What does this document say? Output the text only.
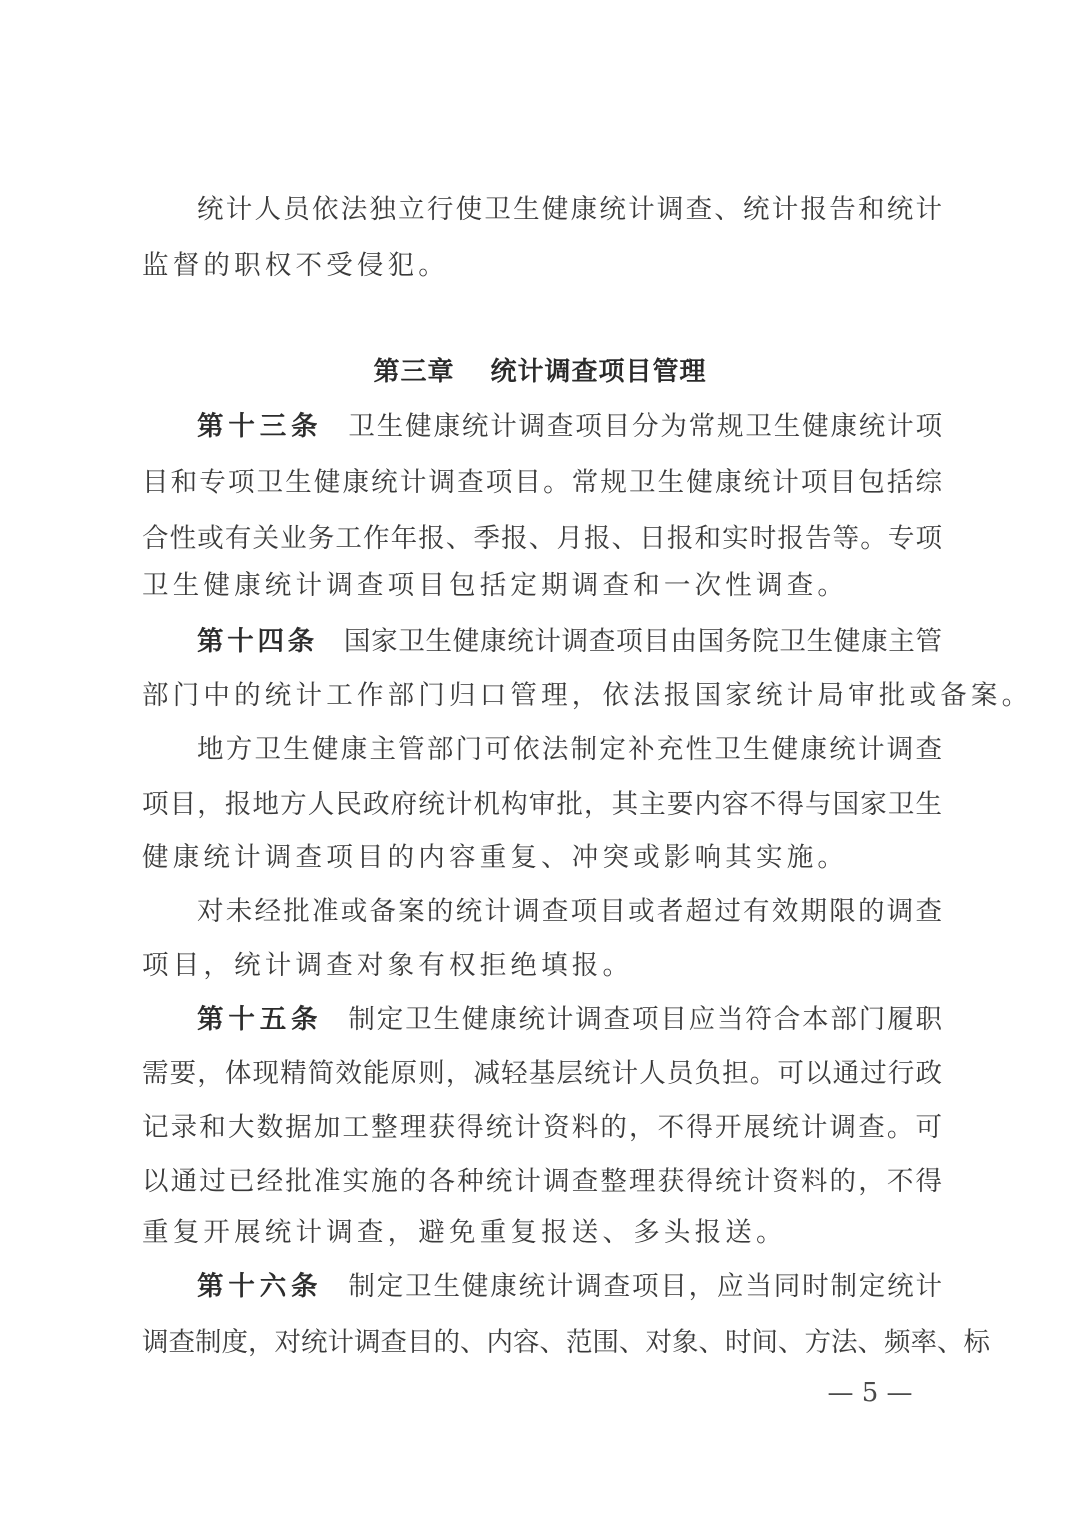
统计人员依法独立行使卫生健康统计调查、统计报告和统计
监督的职权不受侵犯。
第三章 统计调查项目管理
第十三条 卫生健康统计调查项目分为常规卫生健康统计项
目和专项卫生健康统计调查项目。常规卫生健康统计项目包括综
合性或有关业务工作年报、季报、月报、日报和实时报告等。专项
卫生健康统计调查项目包括定期调查和一次性调查。
第十四条 国家卫生健康统计调查项目由国务院卫生健康主管
部门中的统计工作部门归口管理，依法报国家统计局审批或备案。
地方卫生健康主管部门可依法制定补充性卫生健康统计调查
项目，报地方人民政府统计机构审批，其主要内容不得与国家卫生
健康统计调查项目的内容重复、冲突或影响其实施。
对未经批准或备案的统计调查项目或者超过有效期限的调查
项目，统计调查对象有权拒绝填报。
第十五条 制定卫生健康统计调查项目应当符合本部门履职
需要，体现精简效能原则，减轻基层统计人员负担。可以通过行政
记录和大数据加工整理获得统计资料的，不得开展统计调查。可
以通过已经批准实施的各种统计调查整理获得统计资料的，不得
重复开展统计调查，避免重复报送、多头报送。
第十六条 制定卫生健康统计调查项目，应当同时制定统计
调查制度，对统计调查目的、内容、范围、对象、时间、方法、频率、标
— 5 —
